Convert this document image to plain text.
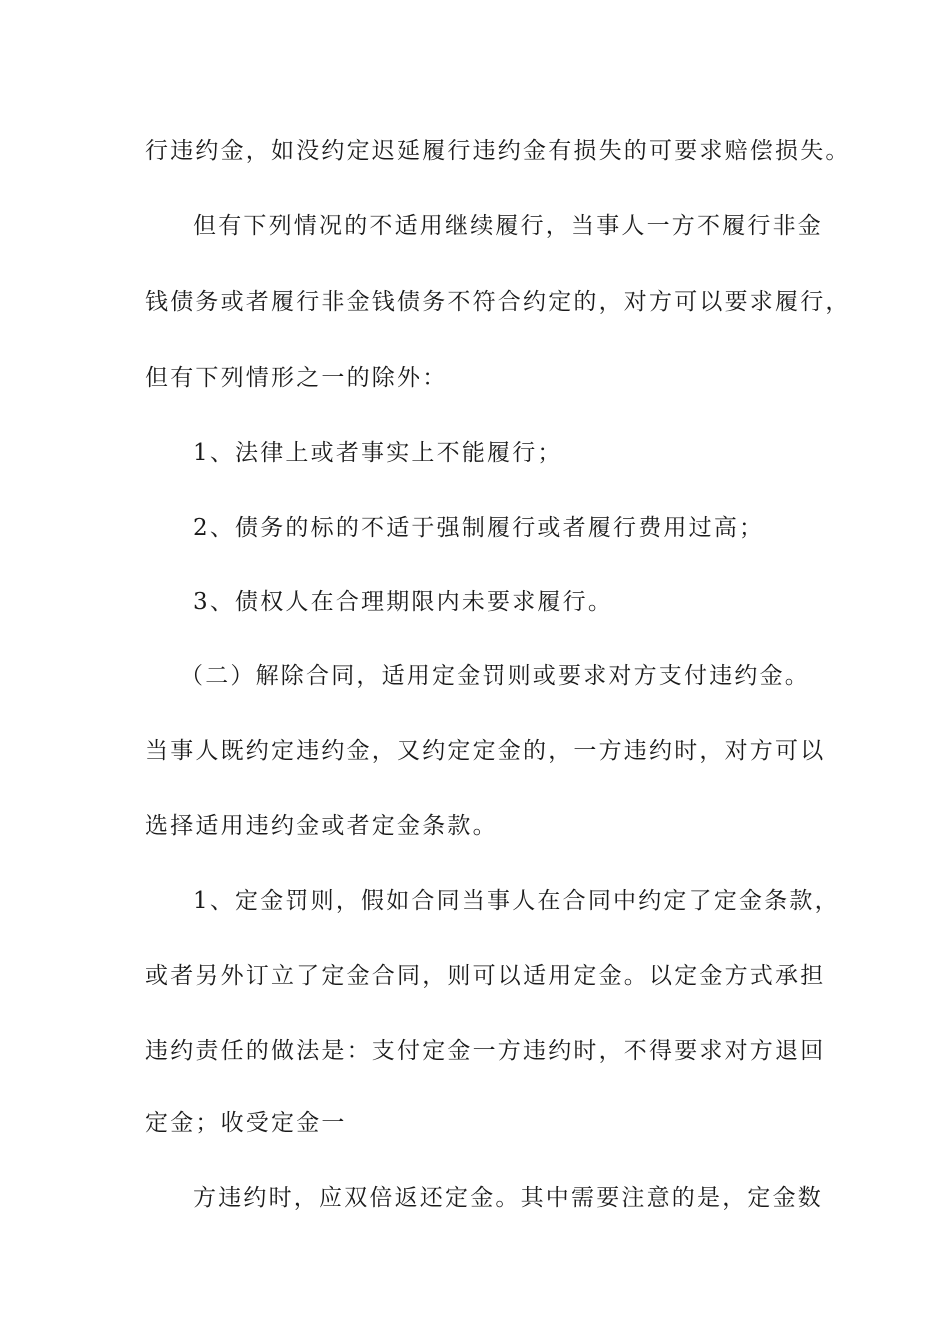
行违约金，如没约定迟延履行违约金有损失的可要求赔偿损失。
但有下列情况的不适用继续履行，当事人一方不履行非金
钱债务或者履行非金钱债务不符合约定的，对方可以要求履行，
但有下列情形之一的除外：
1、法律上或者事实上不能履行；
2、债务的标的不适于强制履行或者履行费用过高；
3、债权人在合理期限内未要求履行。
（二）解除合同，适用定金罚则或要求对方支付违约金。
当事人既约定违约金，又约定定金的，一方违约时，对方可以
选择适用违约金或者定金条款。
1、定金罚则，假如合同当事人在合同中约定了定金条款，
或者另外订立了定金合同，则可以适用定金。以定金方式承担
违约责任的做法是：支付定金一方违约时，不得要求对方退回
定金；收受定金一
方违约时，应双倍返还定金。其中需要注意的是，定金数
